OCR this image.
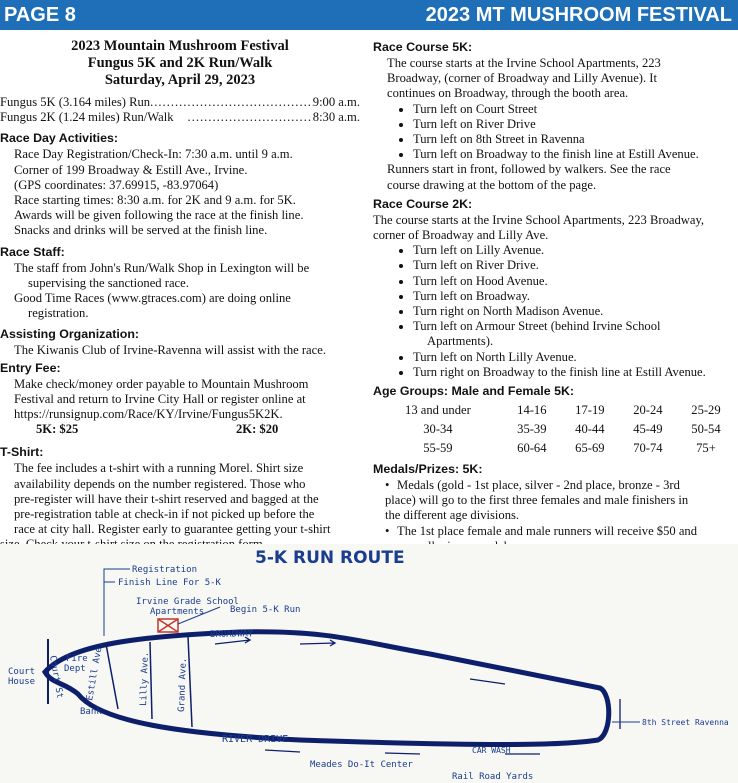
PAGE 8	2023 MT MUSHROOM FESTIVAL
2023 Mountain Mushroom Festival
Fungus 5K and 2K Run/Walk
Saturday, April 29, 2023
Fungus 5K (3.164 miles) Run .....	9:00 a.m.
Fungus 2K (1.24 miles) Run/Walk .....	8:30 a.m.
Race Day Activities:
Race Day Registration/Check-In: 7:30 a.m. until 9 a.m.
Corner of 199 Broadway & Estill Ave., Irvine.
(GPS coordinates: 37.69915, -83.97064)
Race starting times: 8:30 a.m. for 2K and 9 a.m. for 5K.
Awards will be given following the race at the finish line.
Snacks and drinks will be served at the finish line.
Race Staff:
The staff from John's Run/Walk Shop in Lexington will be
supervising the sanctioned race.
Good Time Races (www.gtraces.com) are doing online
registration.
Assisting Organization:
The Kiwanis Club of Irvine-Ravenna will assist with the race.
Entry Fee:
Make check/money order payable to Mountain Mushroom
Festival and return to Irvine City Hall or register online at
https://runsignup.com/Race/KY/Irvine/Fungus5K2K.
5K: $25	2K: $20
T-Shirt:
The fee includes a t-shirt with a running Morel. Shirt size
availability depends on the number registered. Those who
pre-register will have their t-shirt reserved and bagged at the
pre-registration table at check-in if not picked up before the
race at city hall. Register early to guarantee getting your t-shirt
Race Course 5K:
The course starts at the Irvine School Apartments, 223
Broadway, (corner of Broadway and Lilly Avenue). It
continues on Broadway, through the booth area.
• Turn left on Court Street
• Turn left on River Drive
• Turn left on 8th Street in Ravenna
• Turn left on Broadway to the finish line at Estill Avenue.
Runners start in front, followed by walkers. See the race
course drawing at the bottom of the page.
Race Course 2K:
The course starts at the Irvine School Apartments, 223 Broadway,
corner of Broadway and Lilly Ave.
• Turn left on Lilly Avenue.
• Turn left on River Drive.
• Turn left on Hood Avenue.
• Turn left on Broadway.
• Turn right on North Madison Avenue.
• Turn left on Armour Street (behind Irvine School
Apartments).
• Turn left on North Lilly Avenue.
• Turn right on Broadway to the finish line at Estill Avenue.
Age Groups: Male and Female 5K:
13 and under	14-16	17-19	20-24	25-29
30-34	35-39	40-44	45-49	50-54
55-59	60-64	65-69	70-74	75+
Medals/Prizes: 5K:
• Medals (gold - 1st place, silver - 2nd place, bronze - 3rd
place) will go to the first three females and male finishers in
the different age divisions.
• The 1st place female and male runners will receive $50 and

5-K RUN ROUTE
Registration
Finish Line For 5-K
Irvine Grade School
Apartments	Begin 5-K Run
BROADWAY
Court
House
Fire
Dept
Court St Estill Ave.	Lilly Ave.	Grand Ave.
Bank
RIVER DRIVE
CAR WASH
Meades Do-It Center
Rail Road Yards
8th Street Ravenna
